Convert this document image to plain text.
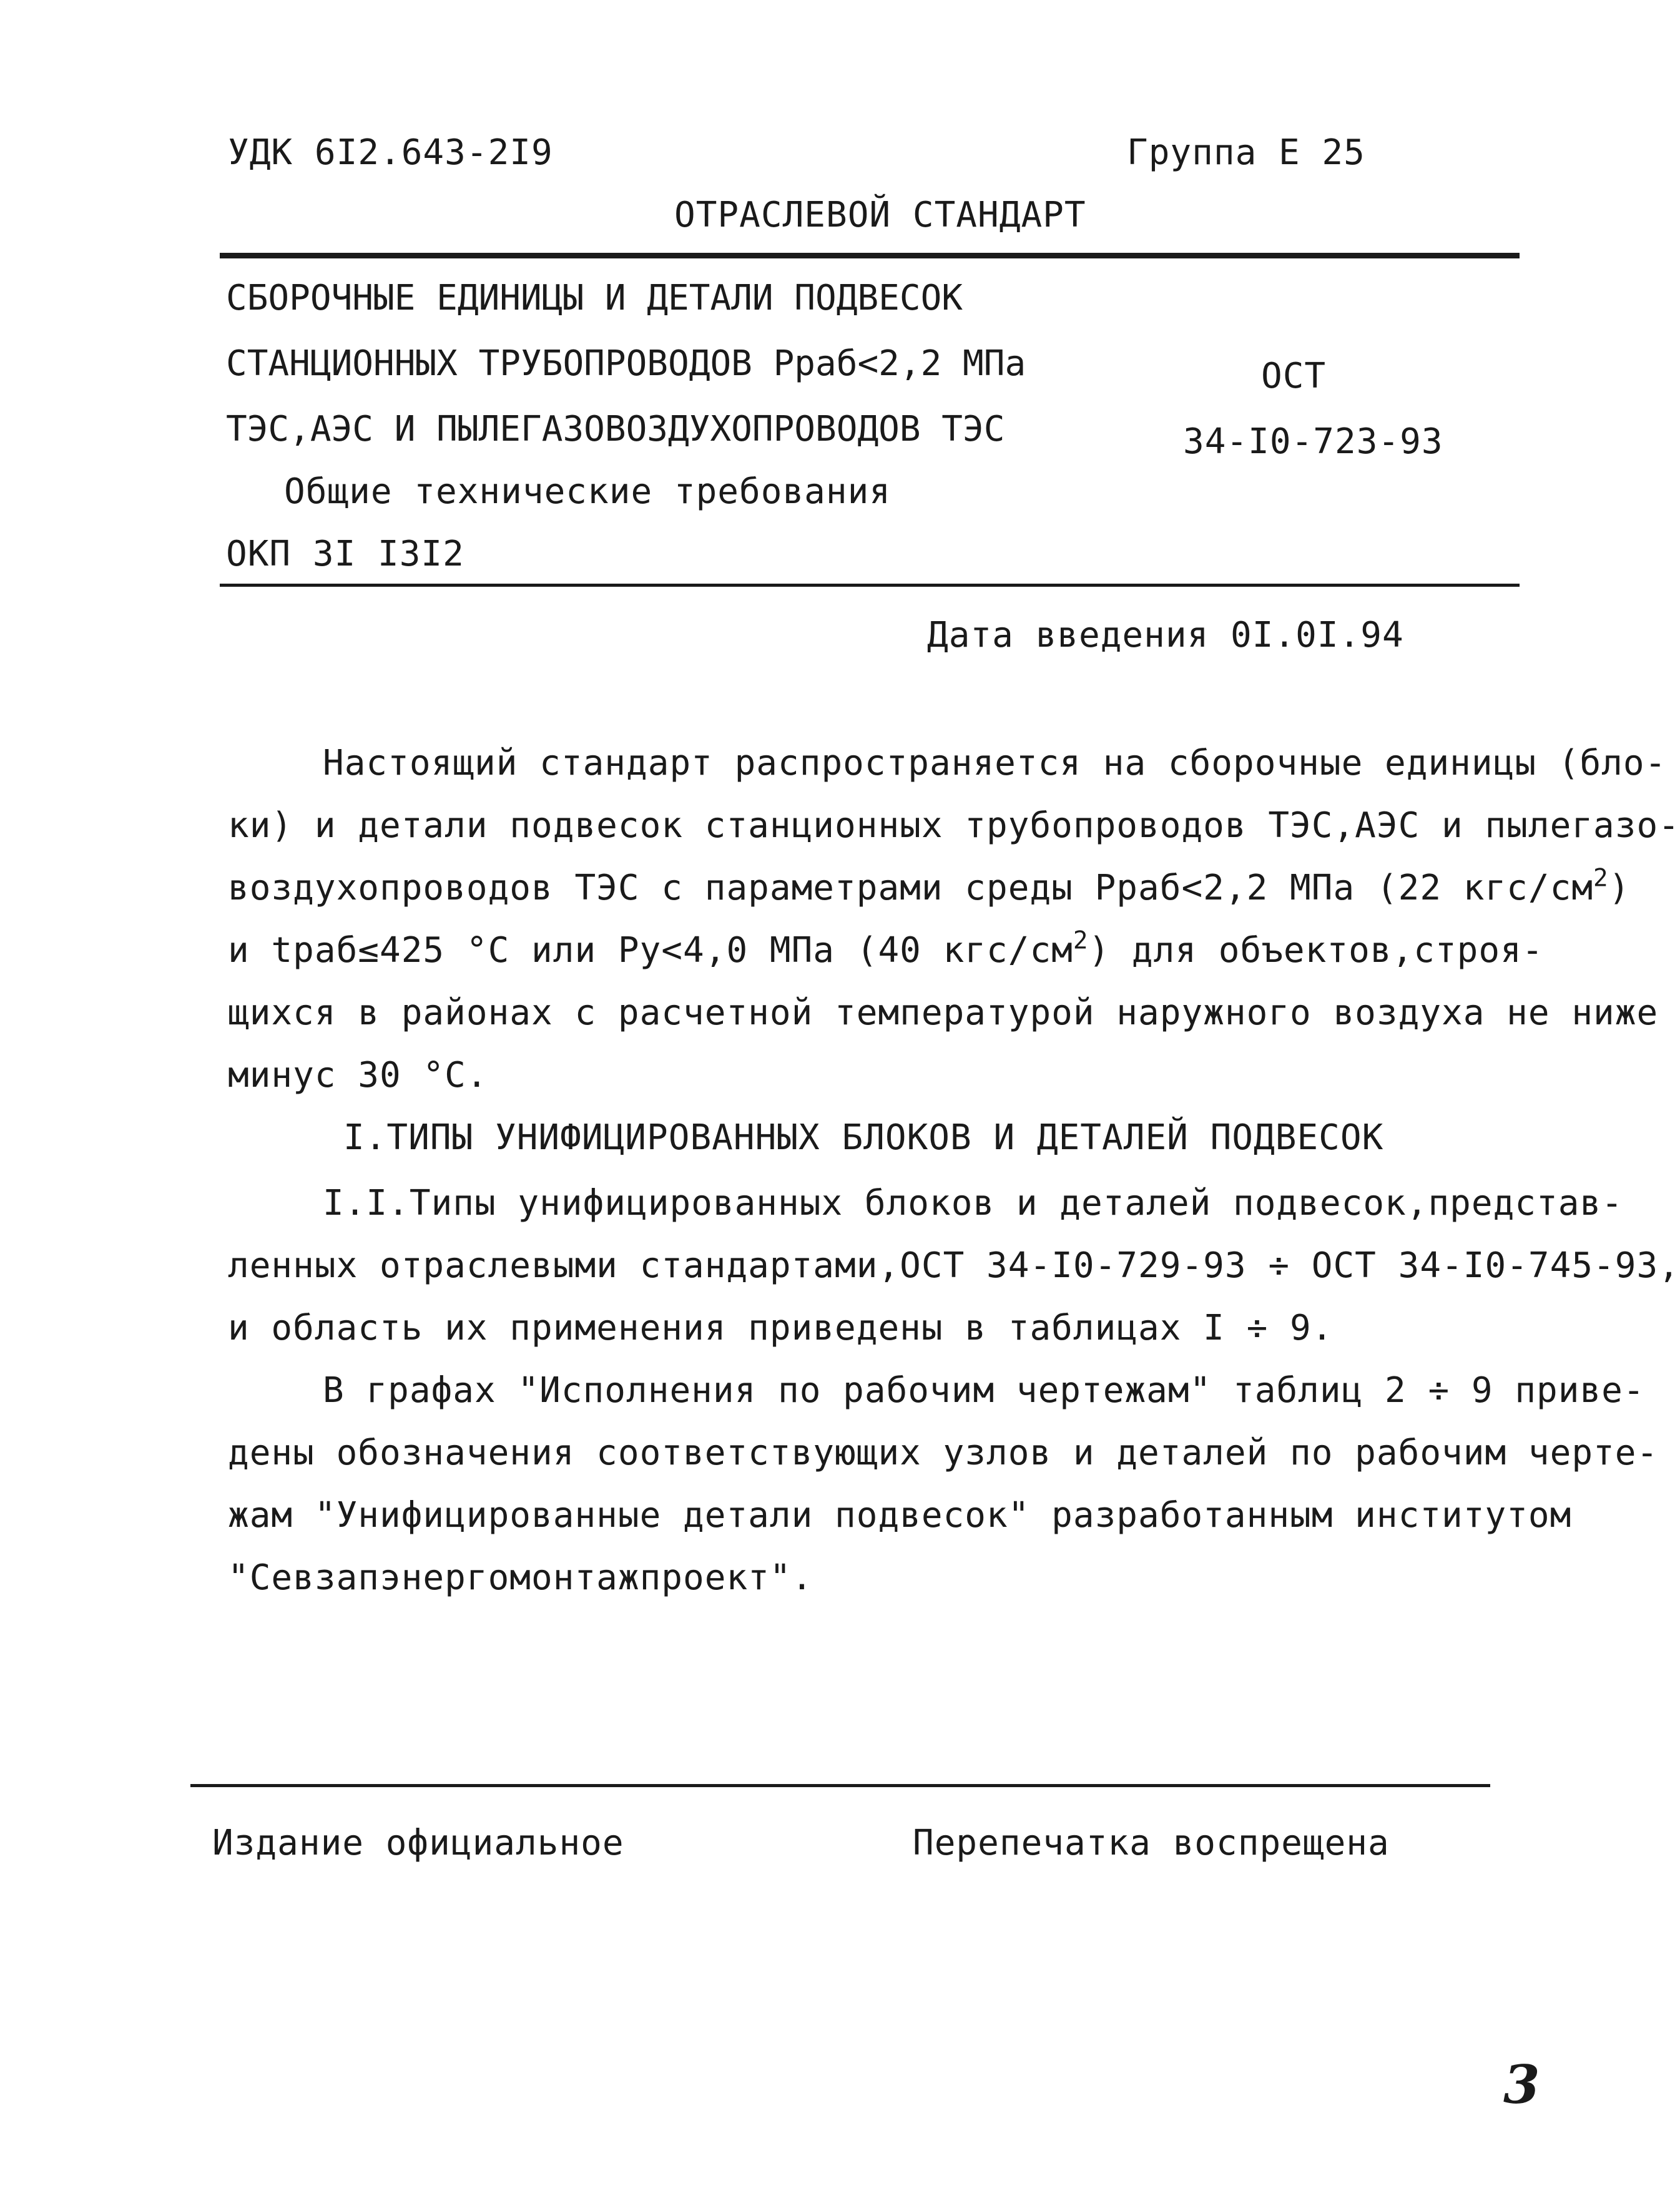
УДК 6I2.643-2I9	Группа Е 25
ОТРАСЛЕВОЙ СТАНДАРТ
СБОРОЧНЫЕ ЕДИНИЦЫ И ДЕТАЛИ ПОДВЕСОК
СТАНЦИОННЫХ ТРУБОПРОВОДОВ Рраб<2,2 МПа
ТЭС,АЭС И ПЫЛЕГАЗОВОЗДУХОПРОВОДОВ ТЭС
Общие технические требования
ОКП 3I I3I2
ОСТ
34-I0-723-93
Дата введения 0I.0I.94
Настоящий стандарт распространяется на сборочные единицы (бло-
ки) и детали подвесок станционных трубопроводов ТЭС,АЭС и пылегазо-
воздухопроводов ТЭС с параметрами среды Рраб<2,2 МПа (22 кгс/$см^2$)
и tраб≤425 °С или Ру<4,0 МПа (40 кгс/$см^2$) для объектов,строя-
щихся в районах с расчетной температурой наружного воздуха не ниже
минус 30 °С.
I.ТИПЫ УНИФИЦИРОВАННЫХ БЛОКОВ И ДЕТАЛЕЙ ПОДВЕСОК
I.I.Типы унифицированных блоков и деталей подвесок,представ-
ленных отраслевыми стандартами,ОСТ 34-I0-729-93 ÷ ОСТ 34-I0-745-93,
и область их применения приведены в таблицах I ÷ 9.
В графах "Исполнения по рабочим чертежам" таблиц 2 ÷ 9 приве-
дены обозначения соответствующих узлов и деталей по рабочим черте-
жам "Унифицированные детали подвесок" разработанным институтом
"Севзапэнергомонтажпроект".
Издание официальное	Перепечатка воспрещена
3
